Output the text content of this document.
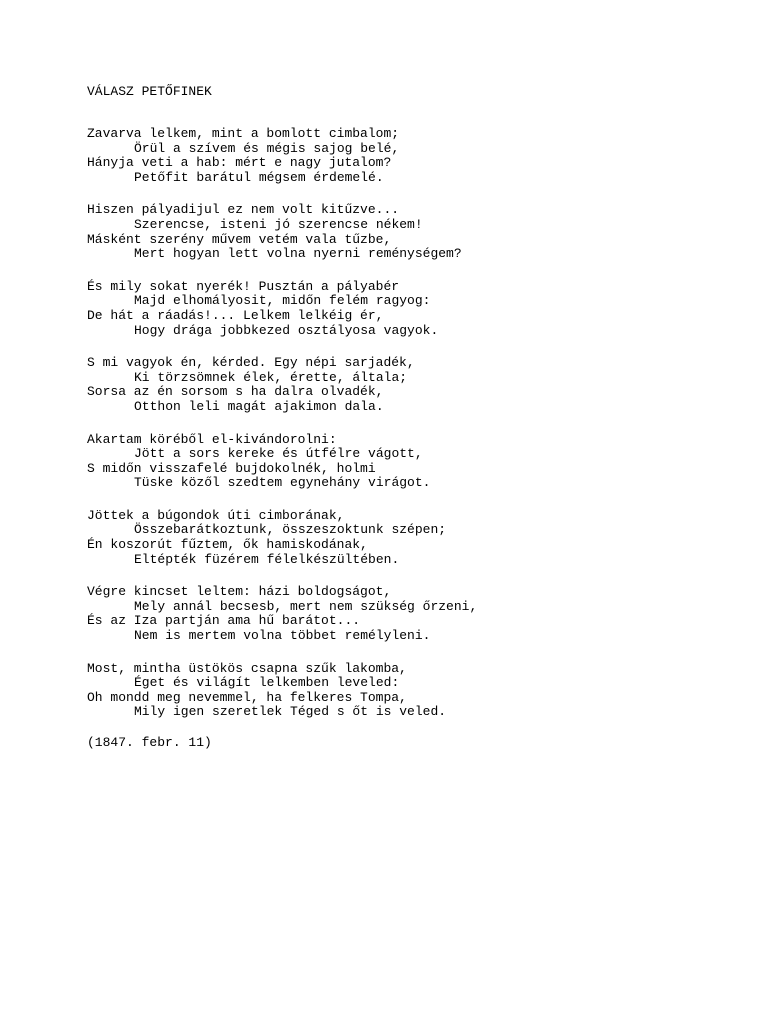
VÁLASZ PETŐFINEK
Zavarva lelkem, mint a bomlott cimbalom;
Örül a szívem és mégis sajog belé,
Hányja veti a hab: mért e nagy jutalom?
Petőfit barátul mégsem érdemelé.
Hiszen pályadijul ez nem volt kitűzve...
Szerencse, isteni jó szerencse nékem!
Másként szerény művem vetém vala tűzbe,
Mert hogyan lett volna nyerni reménységem?
És mily sokat nyerék! Pusztán a pályabér
Majd elhomályosit, midőn felém ragyog:
De hát a ráadás!... Lelkem lelkéig ér,
Hogy drága jobbkezed osztályosa vagyok.
S mi vagyok én, kérded. Egy népi sarjadék,
Ki törzsömnek élek, érette, általa;
Sorsa az én sorsom s ha dalra olvadék,
Otthon leli magát ajakimon dala.
Akartam köréből el-kivándorolni:
Jött a sors kereke és útfélre vágott,
S midőn visszafelé bujdokolnék, holmi
Tüske közől szedtem egynehány virágot.
Jöttek a búgondok úti cimborának,
Összebarátkoztunk, összeszoktunk szépen;
Én koszorút fűztem, ők hamiskodának,
Eltépték füzérem félelkészültében.
Végre kincset leltem: házi boldogságot,
Mely annál becsesb, mert nem szükség őrzeni,
És az Iza partján ama hű barátot...
Nem is mertem volna többet remélyleni.
Most, mintha üstökös csapna szűk lakomba,
Éget és világít lelkemben leveled:
Oh mondd meg nevemmel, ha felkeres Tompa,
Mily igen szeretlek Téged s őt is veled.
(1847. febr. 11)
